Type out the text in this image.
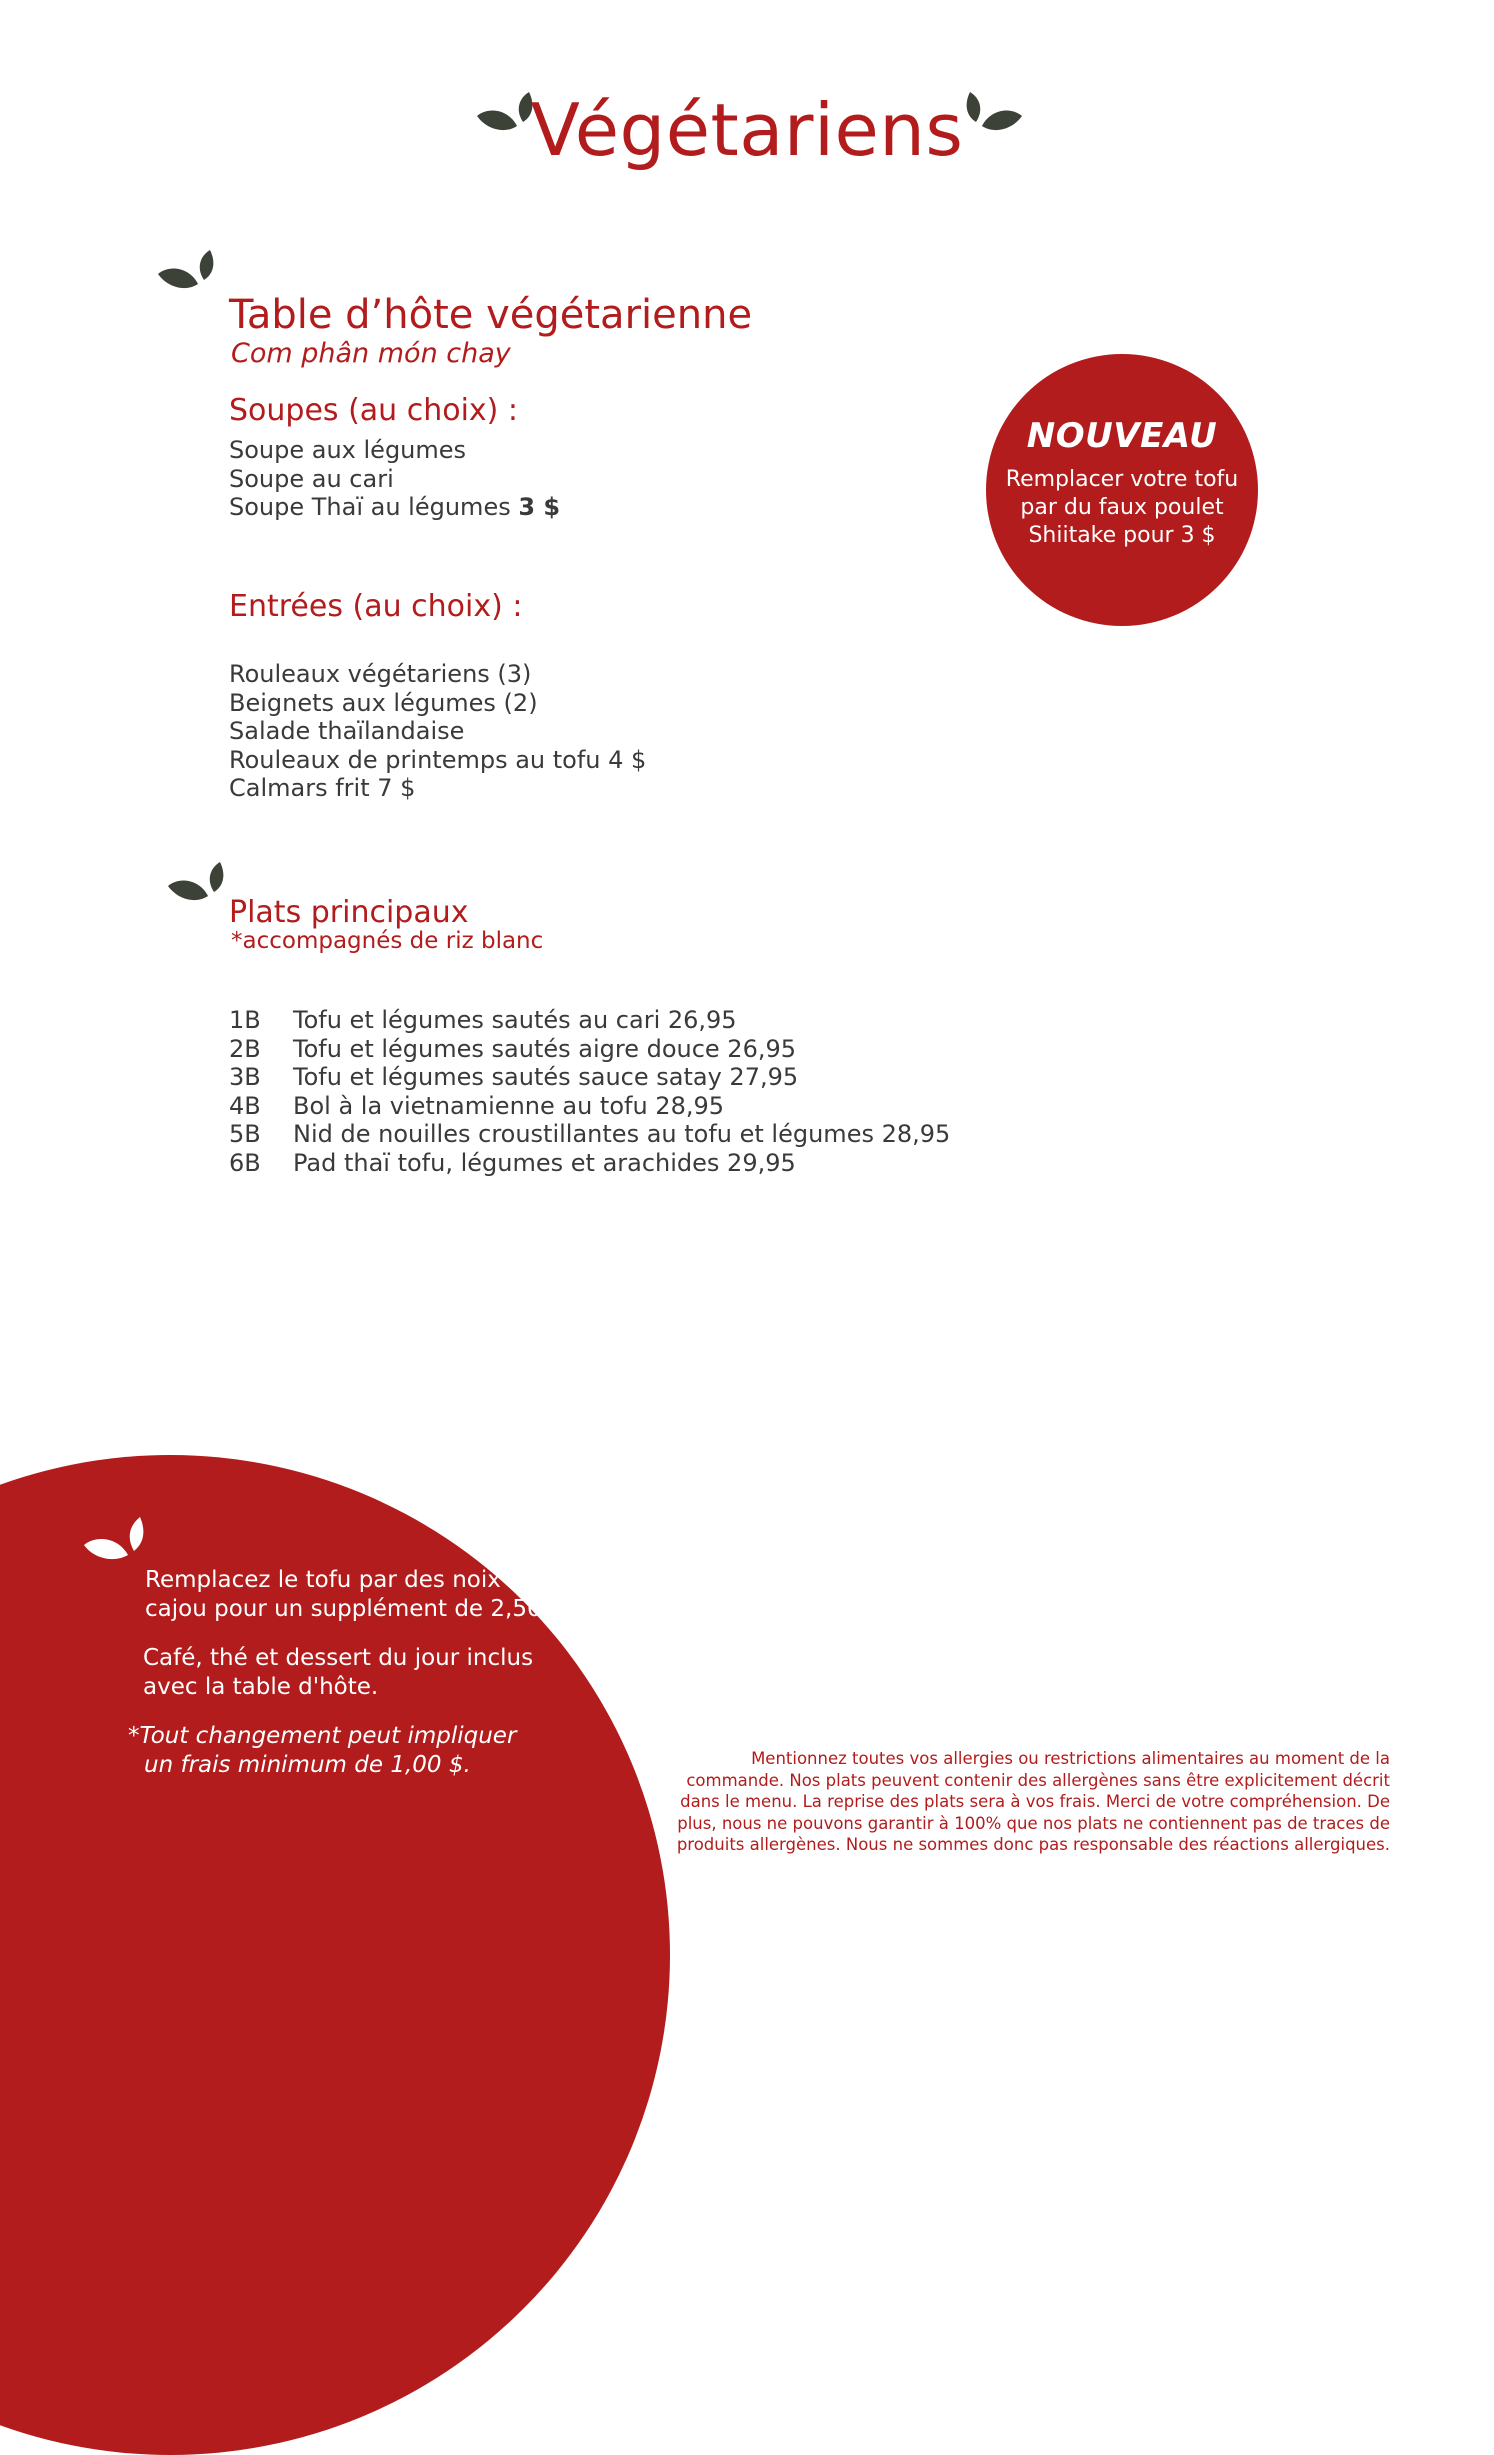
Végétariens
Table d’hôte végétarienne
Com phân món chay
Soupes (au choix) :
Soupe aux légumes
Soupe au cari
Soupe Thaï au légumes 3 $
Entrées (au choix) :
Rouleaux végétariens (3)
Beignets aux légumes (2)
Salade thaïlandaise
Rouleaux de printemps au tofu 4 $
Calmars frit 7 $
Plats principaux
*accompagnés de riz blanc
1B	Tofu et légumes sautés au cari 26,95
2B	Tofu et légumes sautés aigre douce 26,95
3B	Tofu et légumes sautés sauce satay 27,95
4B	Bol à la vietnamienne au tofu 28,95
5B	Nid de nouilles croustillantes au tofu et légumes 28,95
6B	Pad thaï tofu, légumes et arachides 29,95
NOUVEAU
Remplacer votre tofu
par du faux poulet
Shiitake pour 3 $
Remplacez le tofu par des noix de
cajou pour un supplément de 2,50 $.
Café, thé et dessert du jour inclus
avec la table d'hôte.
*Tout changement peut impliquer
un frais minimum de 1,00 $.	Mentionnez toutes vos allergies ou restrictions alimentaires au moment de la
commande. Nos plats peuvent contenir des allergènes sans être explicitement décrit
dans le menu. La reprise des plats sera à vos frais. Merci de votre compréhension. De
plus, nous ne pouvons garantir à 100% que nos plats ne contiennent pas de traces de
produits allergènes. Nous ne sommes donc pas responsable des réactions allergiques.
